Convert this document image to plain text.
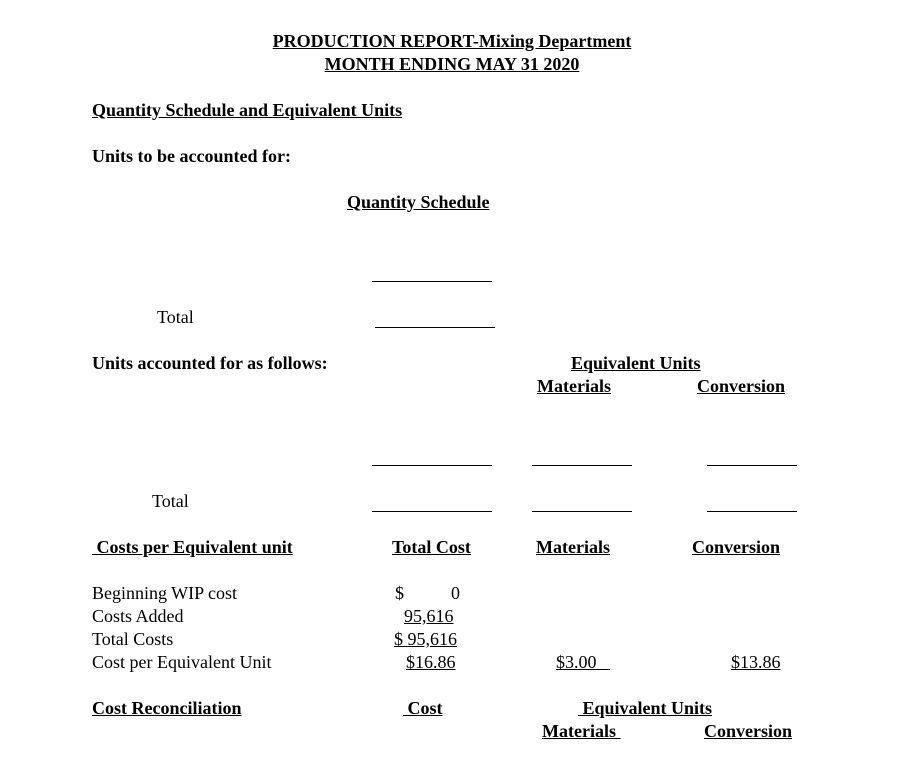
PRODUCTION REPORT-Mixing Department
MONTH ENDING MAY 31 2020
Quantity Schedule and Equivalent Units
Units to be accounted for:
Quantity Schedule
Total
Units accounted for as follows:	Equivalent Units
Materials	Conversion
Total
Costs per Equivalent unit	Total Cost	Materials	Conversion
Beginning WIP cost	$	0
Costs Added	95,616
Total Costs	$ 95,616
Cost per Equivalent Unit	$16.86	$3.00	$13.86
Cost Reconciliation	Cost	Equivalent Units
Materials	Conversion
